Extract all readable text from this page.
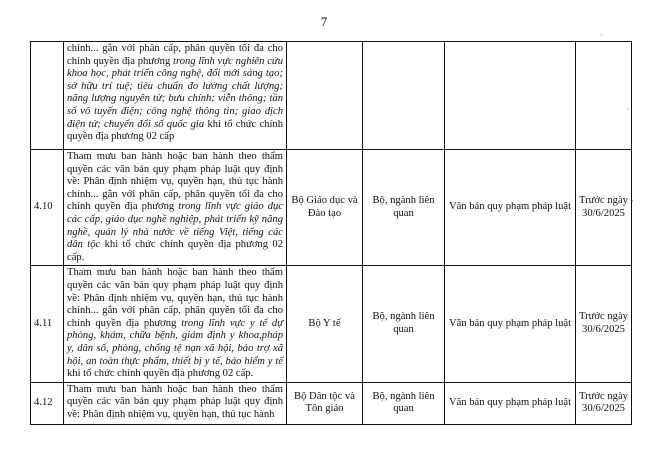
7
·
·
·
	chính... gắn với phân cấp, phân quyền tối đa cho chính quyền địa phương trong lĩnh vực nghiên cứu khoa học, phát triển công nghệ, đổi mới sáng tạo; sở hữu trí tuệ; tiêu chuẩn đo lường chất lượng; năng lượng nguyên tử; bưu chính; viễn thông; tần số vô tuyến điện; công nghệ thông tin; giao dịch điện tử; chuyển đổi số quốc gia khi tổ chức chính quyền địa phương 02 cấp				
4.10	Tham mưu ban hành hoặc ban hành theo thẩm quyền các văn bản quy phạm pháp luật quy định về: Phân định nhiệm vụ, quyền hạn, thủ tục hành chính... gắn với phân cấp, phân quyền tối đa cho chính quyền địa phương trong lĩnh vực giáo dục các cấp, giáo dục nghề nghiệp, phát triển kỹ năng nghề, quản lý nhà nước về tiếng Việt, tiếng các dân tộc khi tổ chức chính quyền địa phương 02 cấp.	Bộ Giáo dục và Đào tạo	Bộ, ngành liên quan	Văn bản quy phạm pháp luật	Trước ngày 30/6/2025
4.11	Tham mưu ban hành hoặc ban hành theo thẩm quyền các văn bản quy phạm pháp luật quy định về: Phân định nhiệm vụ, quyền hạn, thủ tục hành chính... gắn với phân cấp, phân quyền tối đa cho chính quyền địa phương trong lĩnh vực y tế dự phòng, khám, chữa bệnh, giám định y khoa,pháp y, dân số, phòng, chống tệ nạn xã hội, bảo trợ xã hội, an toàn thực phẩm, thiết bị y tế, bảo hiểm y tế khi tổ chức chính quyền địa phương 02 cấp.	Bộ Y tế	Bộ, ngành liên quan	Văn bản quy phạm pháp luật	Trước ngày 30/6/2025
4.12	Tham mưu ban hành hoặc ban hành theo thẩm quyền các văn bản quy phạm pháp luật quy định về: Phân định nhiệm vụ, quyền hạn, thủ tục hành	Bộ Dân tộc và Tôn giáo	Bộ, ngành liên quan	Văn bản quy phạm pháp luật	Trước ngày 30/6/2025
